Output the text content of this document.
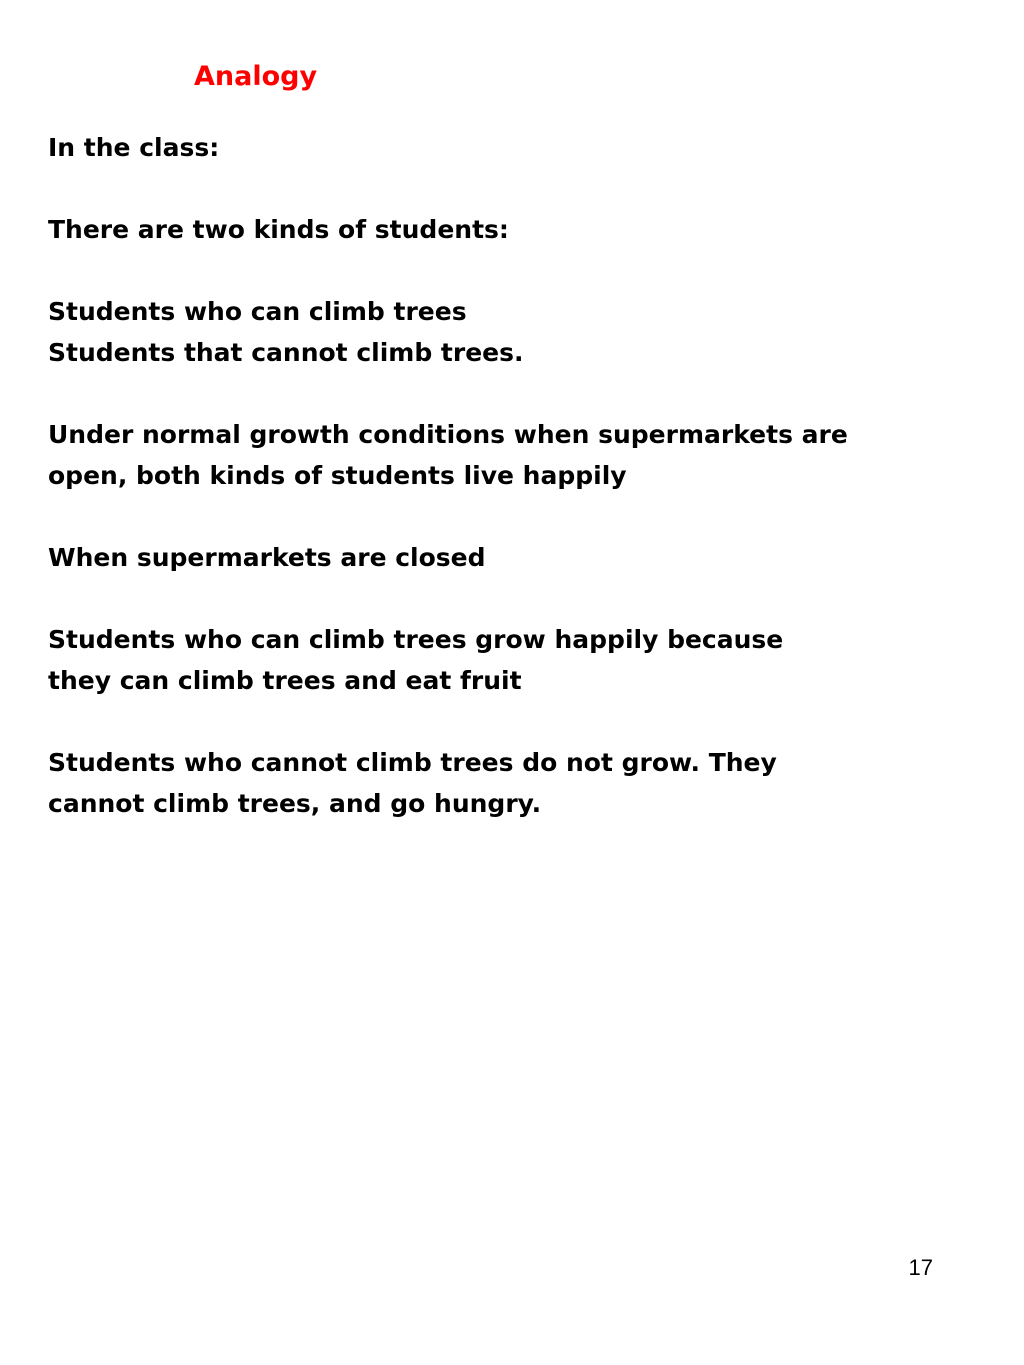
Analogy

In the class:

There are two kinds of students:

Students who can climb trees
Students that cannot climb trees.

Under normal growth conditions when supermarkets are
open, both kinds of students live happily

When supermarkets are closed

Students who can climb trees grow happily because
they can climb trees and eat fruit

Students who cannot climb trees do not grow. They
cannot climb trees, and go hungry.

17
